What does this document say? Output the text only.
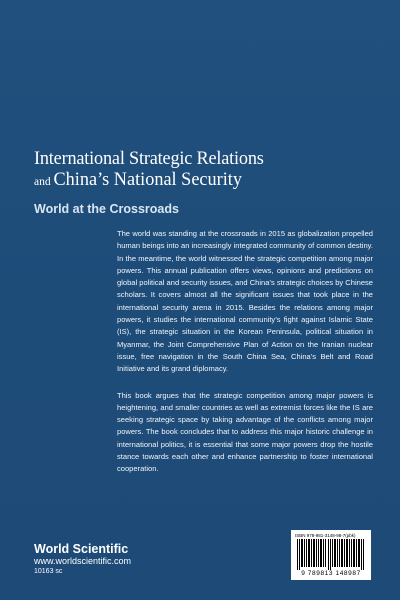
International Strategic Relations
and China’s National Security
World at the Crossroads

The world was standing at the crossroads in 2015 as globalization propelled human beings into an increasingly integrated community of common destiny. In the meantime, the world witnessed the strategic competition among major powers. This annual publication offers views, opinions and predictions on global political and security issues, and China’s strategic choices by Chinese scholars. It covers almost all the significant issues that took place in the international security arena in 2015. Besides the relations among major powers, it studies the international community’s fight against Islamic State (IS), the strategic situation in the Korean Peninsula, political situation in Myanmar, the Joint Comprehensive Plan of Action on the Iranian nuclear issue, free navigation in the South China Sea, China’s Belt and Road Initiative and its grand diplomacy.

This book argues that the strategic competition among major powers is heightening, and smaller countries as well as extremist forces like the IS are seeking strategic space by taking advantage of the conflicts among major powers. The book concludes that to address this major historic challenge in international politics, it is essential that some major powers drop the hostile stance towards each other and enhance partnership to foster international cooperation.

World Scientific
www.worldscientific.com
10163 sc
ISBN 978-981-3148-98-7(pbk)
9 789813 148987
